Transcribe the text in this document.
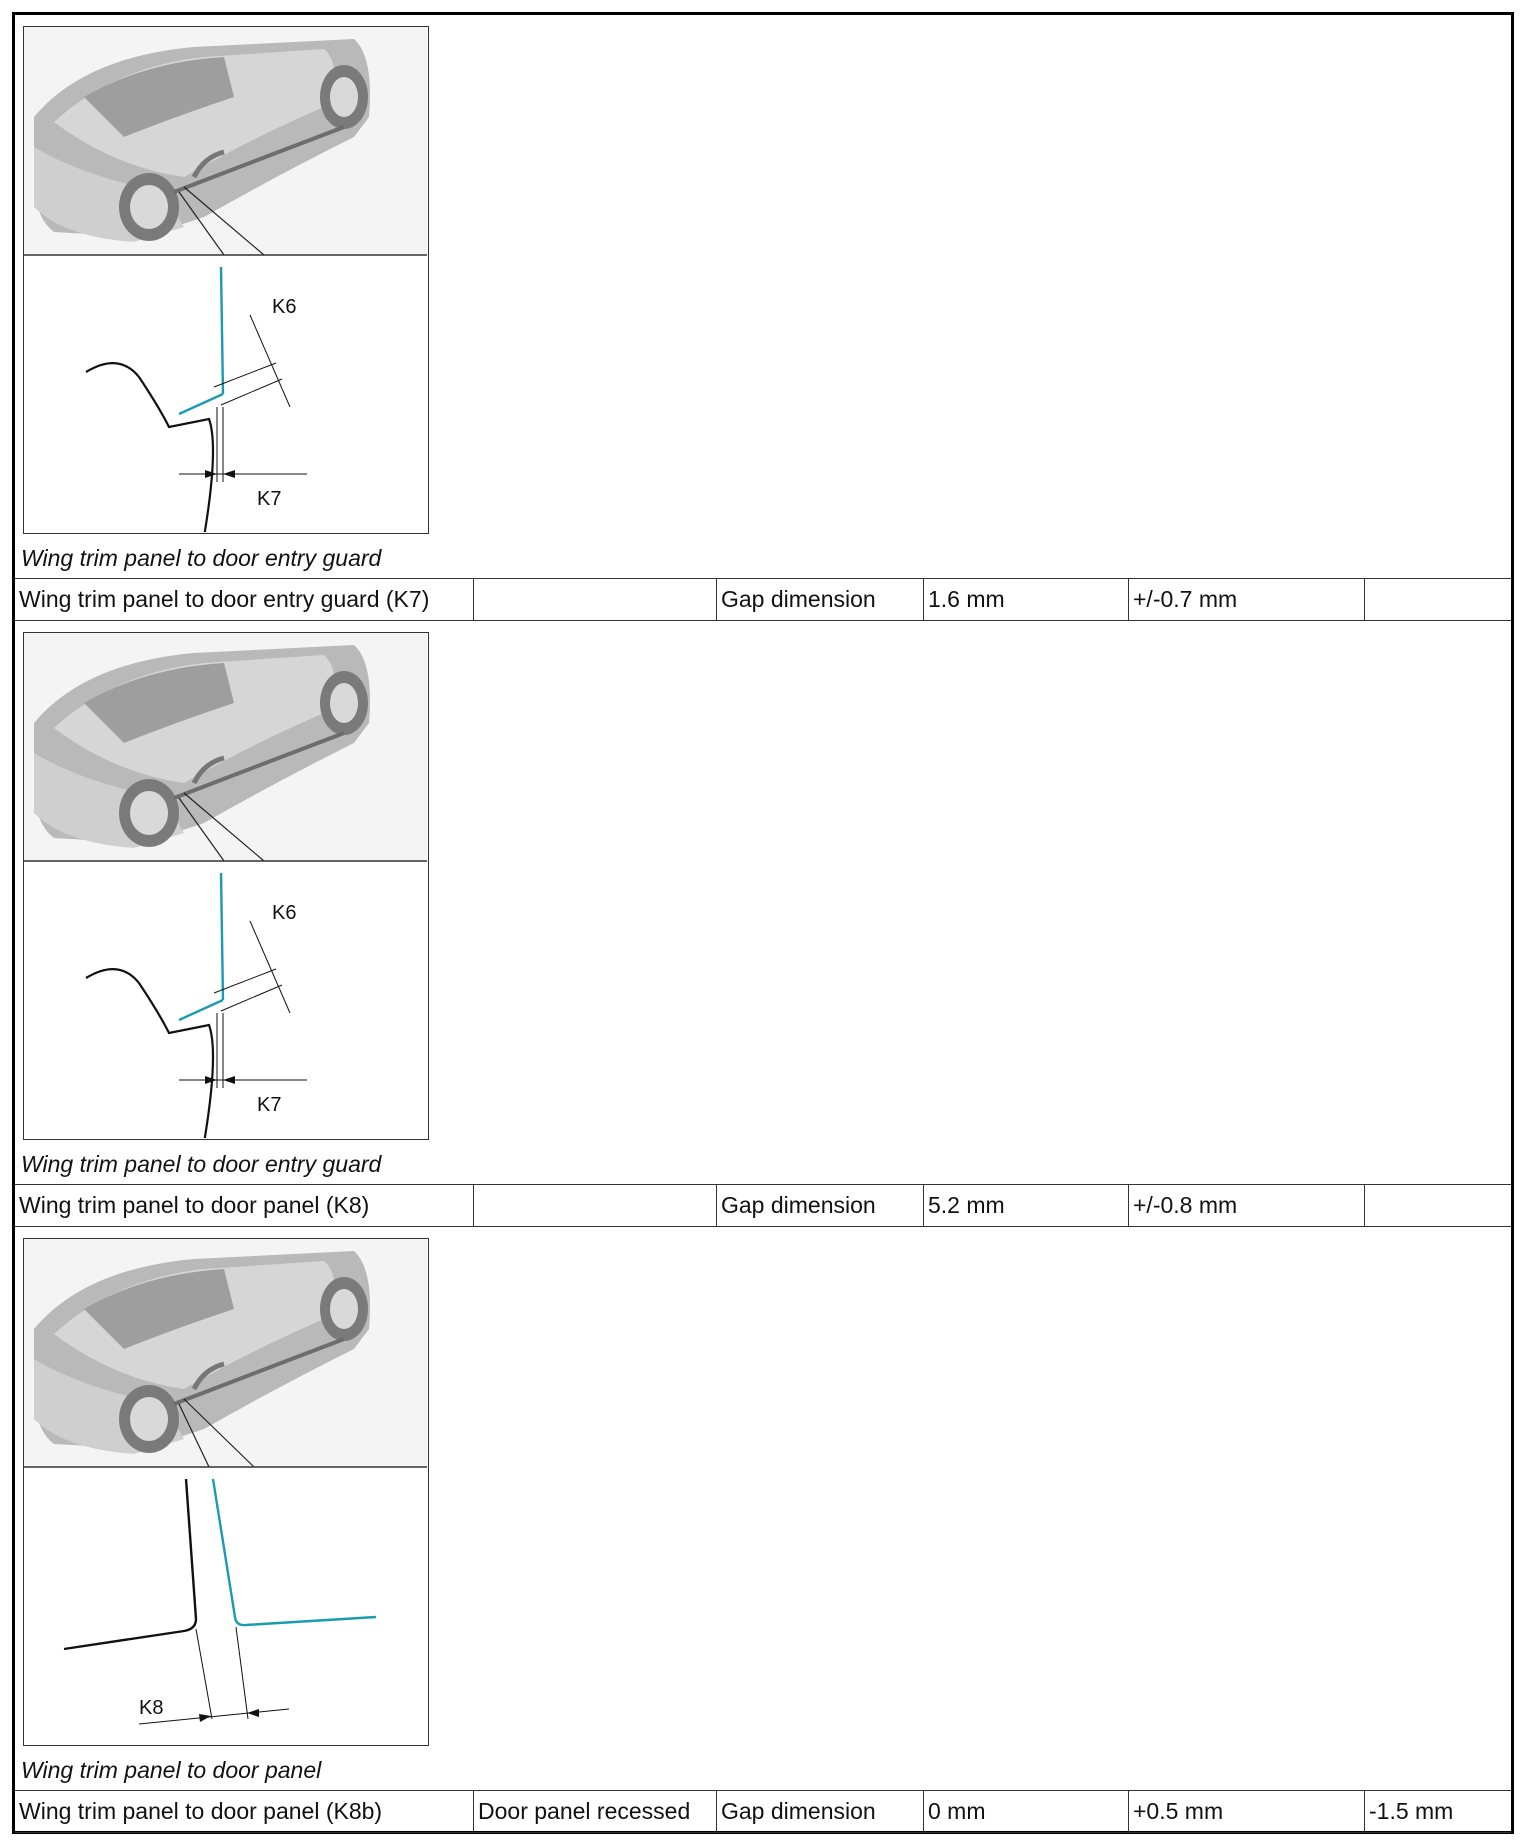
K6
K7
Wing trim panel to door entry guard
Wing trim panel to door entry guard (K7)	Gap dimension	1.6 mm	+/-0.7 mm
K6
K7
Wing trim panel to door entry guard
Wing trim panel to door panel (K8)	Gap dimension	5.2 mm	+/-0.8 mm
K8
Wing trim panel to door panel
Wing trim panel to door panel (K8b)	Door panel recessed	Gap dimension	0 mm	+0.5 mm	-1.5 mm
